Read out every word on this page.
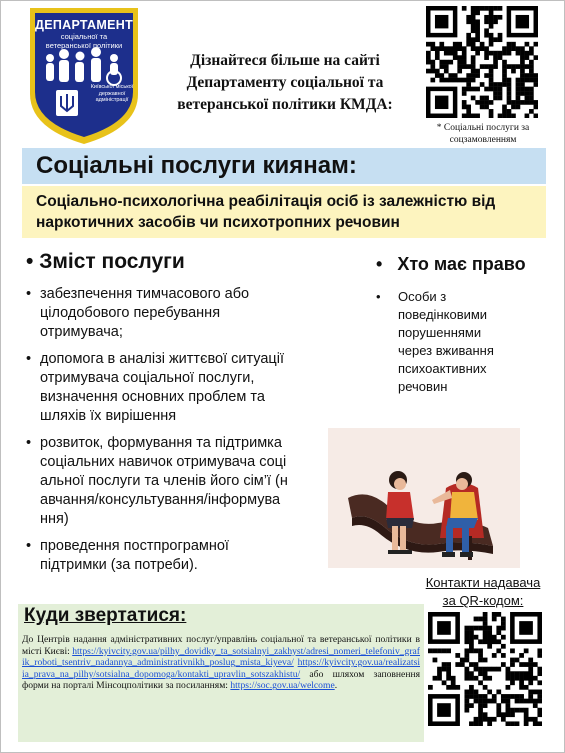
ДЕПАРТАМЕНТ
соціальної та
ветеранської політики
Київської міської
державної
адміністрації
Дізнайтеся більше на сайті
Департаменту соціальної та
ветеранської політики КМДА:
* Соціальні послуги за соцзамовленням
Соціальні послуги киянам:
Соціально-психологічна реабілітація осіб із залежністю від наркотичних засобів чи психотропних речовин
• Зміст послуги
• забезпечення тимчасового або цілодобового перебування отримувача;
• допомога в аналізі життєвої ситуації отримувача соціальної послуги, визначення основних проблем та шляхів їх вирішення
• розвиток, формування та підтримка соціальних навичок отримувача соціальної послуги та членів його сім’ї (навчання/консультування/інформування)
• проведення постпрограмної підтримки (за потреби).
•   Хто має право
• Особи з поведінковими порушеннями через вживання психоактивних речовин
Контакти надавача за QR-кодом:
Куди звертатися:
До Центрів надання адміністративних послуг/управлінь соціальної та ветеранської політики в місті Києві: https://kyivcity.gov.ua/pilhy_dovidky_ta_sotsialnyi_zakhyst/adresi_nomeri_telefoniv_grafik_roboti_tsentriv_nadannya_administrativnikh_poslug_mista_kiyeva/ https://kyivcity.gov.ua/realizatsiia_prava_na_pilhy/sotsialna_dopomoga/kontakti_upravlin_sotszakhistu/ або шляхом заповнення форми на порталі Мінсоцполітики за посиланням: https://soc.gov.ua/welcome.
